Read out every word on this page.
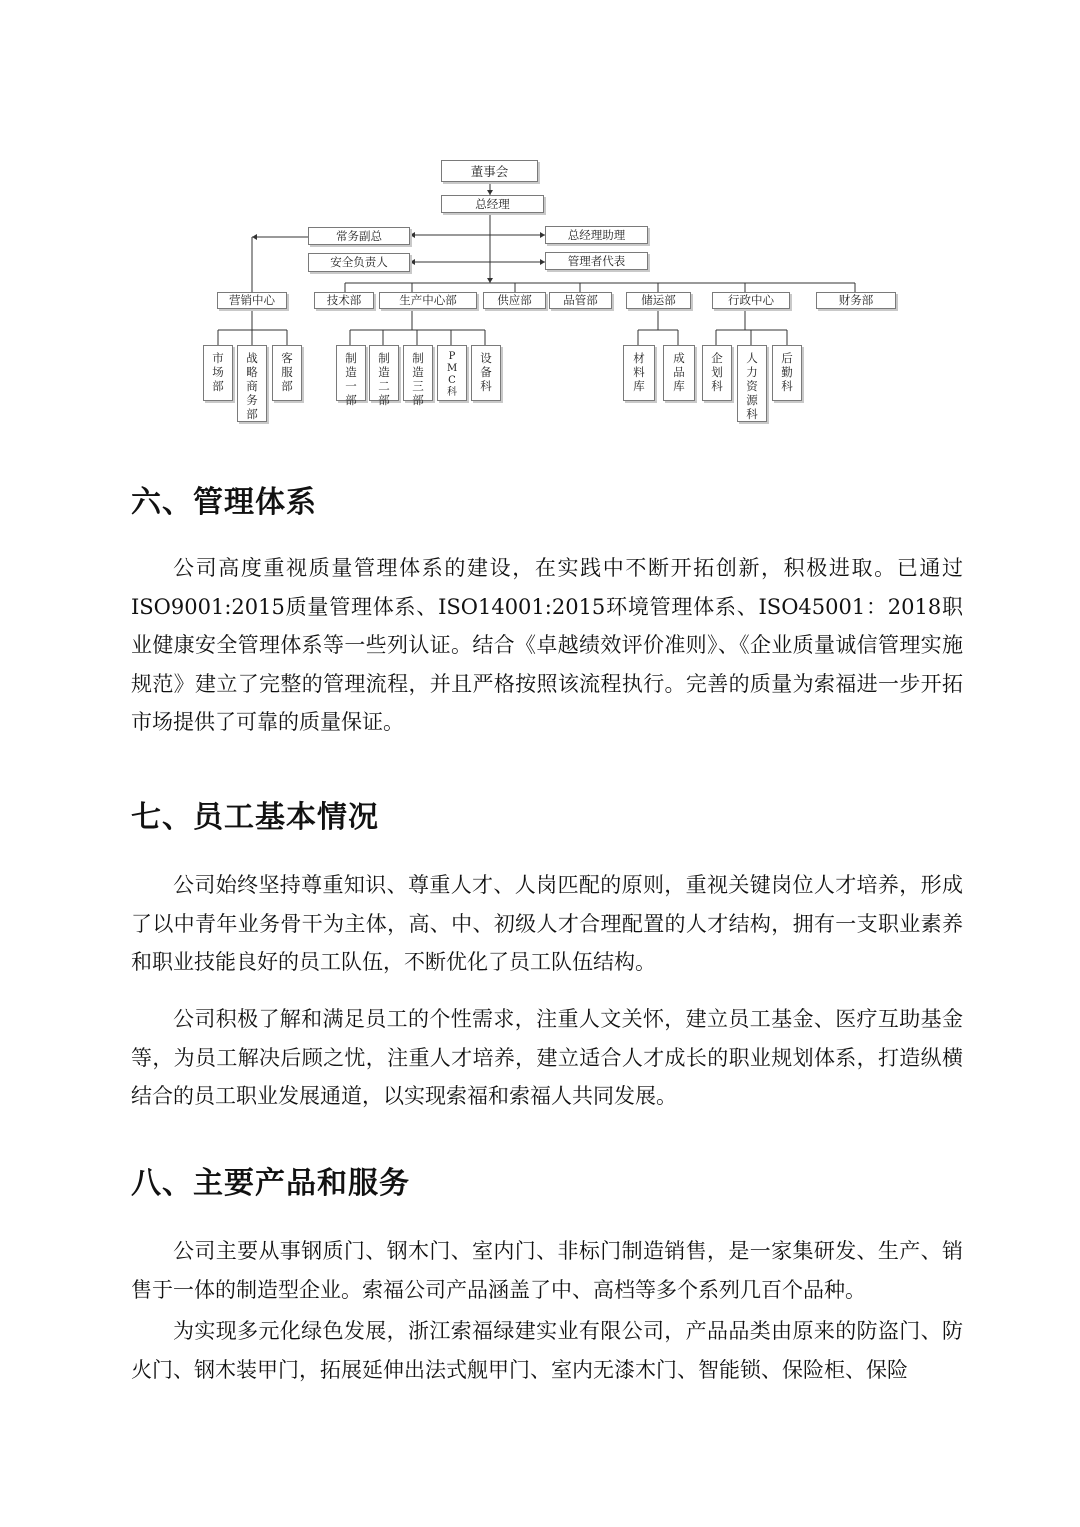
董事会
总经理
常务副总	总经理助理
安全负责人	管理者代表
营销中心	技术部	生产中心部	供应部	品管部	储运部	行政中心	财务部
市场部
战略商务部
客服部
制造一部
制造二部
制造三部
PMC科
设备科
材料库
成品库
企划科
人力资源科
后勤科
六、管理体系

公司高度重视质量管理体系的建设，在实践中不断开拓创新，积极进取。已通过ISO9001:2015质量管理体系、ISO14001:2015环境管理体系、ISO45001：2018职业健康安全管理体系等一些列认证。结合《卓越绩效评价准则》、《企业质量诚信管理实施规范》建立了完整的管理流程，并且严格按照该流程执行。完善的质量为索福进一步开拓市场提供了可靠的质量保证。

七、员工基本情况

公司始终坚持尊重知识、尊重人才、人岗匹配的原则，重视关键岗位人才培养，形成了以中青年业务骨干为主体，高、中、初级人才合理配置的人才结构，拥有一支职业素养和职业技能良好的员工队伍，不断优化了员工队伍结构。

公司积极了解和满足员工的个性需求，注重人文关怀，建立员工基金、医疗互助基金等，为员工解决后顾之忧，注重人才培养，建立适合人才成长的职业规划体系，打造纵横结合的员工职业发展通道，以实现索福和索福人共同发展。

八、主要产品和服务

公司主要从事钢质门、钢木门、室内门、非标门制造销售，是一家集研发、生产、销售于一体的制造型企业。索福公司产品涵盖了中、高档等多个系列几百个品种。

为实现多元化绿色发展，浙江索福绿建实业有限公司，产品品类由原来的防盗门、防火门、钢木装甲门，拓展延伸出法式舰甲门、室内无漆木门、智能锁、保险柜、保险
